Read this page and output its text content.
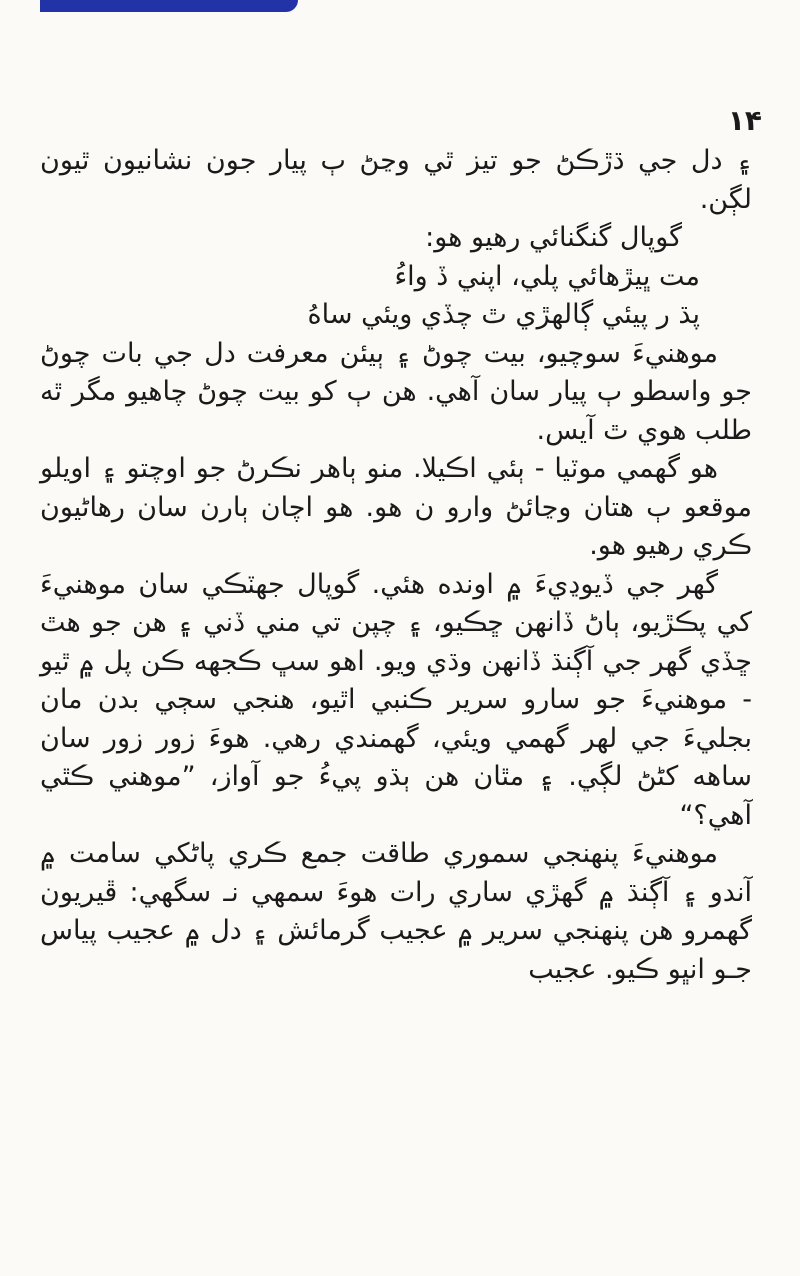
١۴

۽ دل جي ڌڙڪڻ جو تيز ٿي وڃڻ ٻ پيار جون نشانيون ٿيون لڳن.

گوپال گنگنائي رهيو هو:

مت ڀيڙهائي پلي، اپني ڏ واءُ

پڌ ر پيئي ڳالهڙي ٿ چڏي ويئي ساهُ

موهنيءَ سوچيو، بيت چوڻ ۽ ٻيئن معرفت دل جي بات چوڻ جو واسطو ٻ پيار سان آهي. هن ٻ کو بيت چوڻ چاهيو مگر ٿه طلب هوي ٿ آيس.

هو گهمي موٽيا - ٻئي اڪيلا. منو ٻاهر نڪرڻ جو اوچتو ۽ اويلو موقعو ٻ هتان وڃائڻ وارو ن هو. هو اچان ٻارن سان رهاڻيون ڪري رهيو هو.

گهر جي ڏيوڍيءَ ۾ اونده هئي. گوپال جهٽڪي سان موهنيءَ کي پڪڙيو، ٻاڻ ڏانهن ڇڪيو، ۽ چپن تي مني ڏني ۽ هن جو هٿ ڇڏي گهر جي آڳنڌ ڏانهن وڌي ويو. اهو سڀ ڪجهه ڪن پل ۾ ٿيو - موهنيءَ جو سارو سرير ڪنبي اٿيو، هنجي سڄي بدن مان بجليءَ جي لهر گهمي ويئي، گهمندي رهي. هوءَ زور زور سان ساهه کڻڻ لڳي. ۽ مٿان هن ٻڌو پيءُ جو آواز، ”موهني ڪٿي آهي؟“

موهنيءَ پنهنجي سموري طاقت جمع ڪري پاڻکي سامت ۾ آندو ۽ آڳنڌ ۾ گهڙي ساري رات هوءَ سمهي نـ سگهي: ڦيريون گهمرو هن پنهنجي سرير ۾ عجيب گرمائش ۽ دل ۾ عجيب پياس جـو انڀو ڪيو. عجيب
